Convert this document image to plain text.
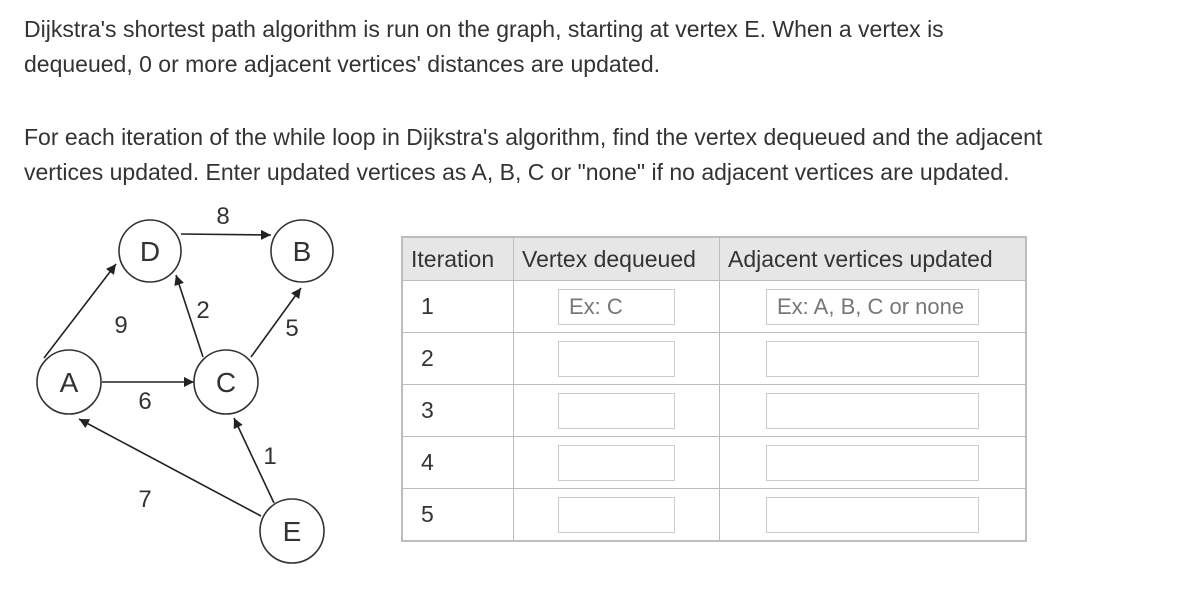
Dijkstra's shortest path algorithm is run on the graph, starting at vertex E. When a vertex is
dequeued, 0 or more adjacent vertices' distances are updated.

For each iteration of the while loop in Dijkstra's algorithm, find the vertex dequeued and the adjacent
vertices updated. Enter updated vertices as A, B, C or "none" if no adjacent vertices are updated.

8
9
2
5
6
1
7
D	B
A	C
E
Iteration	Vertex dequeued	Adjacent vertices updated
1	Ex: C	Ex: A, B, C or none
2		
3		
4		
5		
